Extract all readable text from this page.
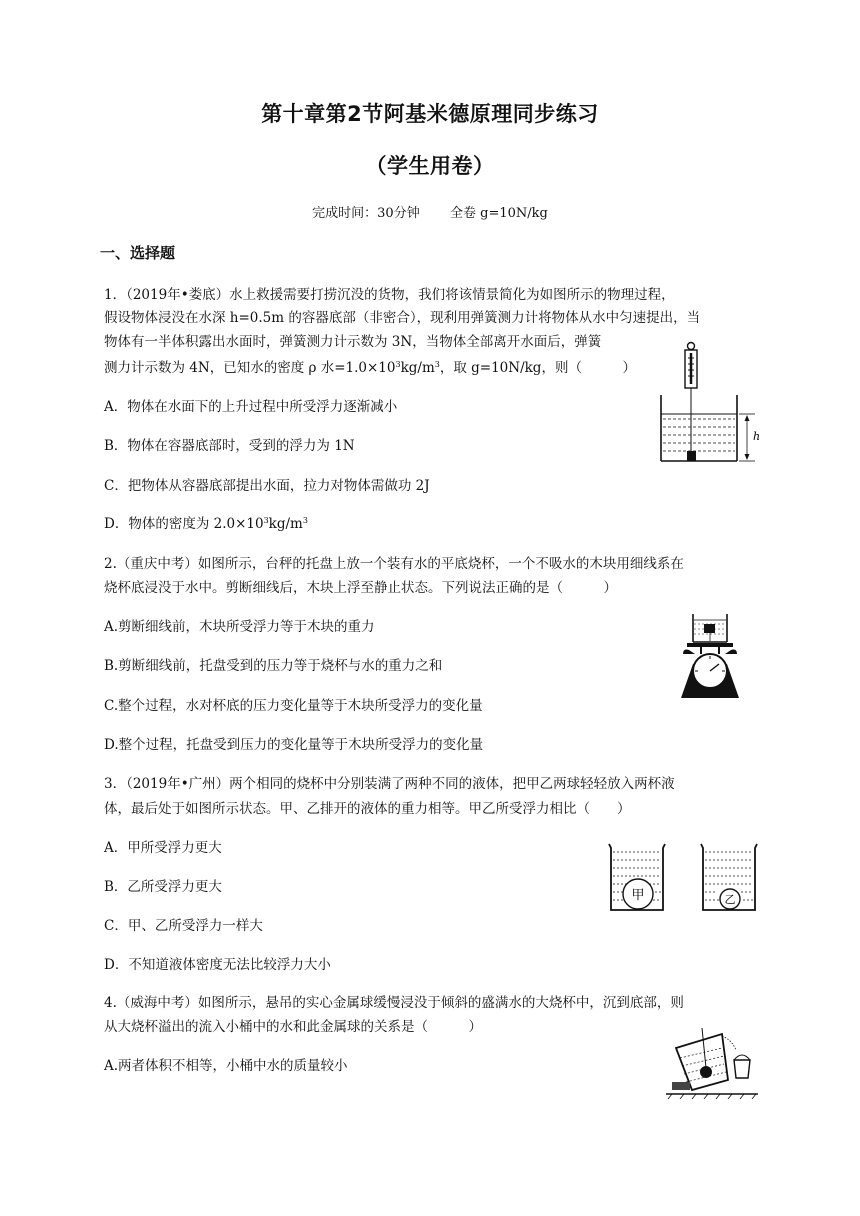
第十章第2节阿基米德原理同步练习
（学生用卷）
完成时间：30分钟 全卷 g=10N/kg
一、选择题
1．（2019年•娄底）水上救援需要打捞沉没的货物，我们将该情景简化为如图所示的物理过程，
假设物体浸没在水深 h=0.5m 的容器底部（非密合），现利用弹簧测力计将物体从水中匀速提出，当
物体有一半体积露出水面时，弹簧测力计示数为 3N，当物体全部离开水面后，弹簧
测力计示数为 4N，已知水的密度 ρ 水$=1.0\times 10^3kg/m^3$，取 g=10N/kg，则（　　　）
A．物体在水面下的上升过程中所受浮力逐渐减小
B．物体在容器底部时，受到的浮力为 1N
C．把物体从容器底部提出水面，拉力对物体需做功 2J
D．物体的密度为 $2.0\times 10^3kg/m^3$
h
2.（重庆中考）如图所示，台秤的托盘上放一个装有水的平底烧杯，一个不吸水的木块用细线系在
烧杯底浸没于水中。剪断细线后，木块上浮至静止状态。下列说法正确的是（　　　）
A.剪断细线前，木块所受浮力等于木块的重力
B.剪断细线前，托盘受到的压力等于烧杯与水的重力之和
C.整个过程，水对杯底的压力变化量等于木块所受浮力的变化量
D.整个过程，托盘受到压力的变化量等于木块所受浮力的变化量
3．（2019年•广州）两个相同的烧杯中分别装满了两种不同的液体，把甲乙两球轻轻放入两杯液
体，最后处于如图所示状态。甲、乙排开的液体的重力相等。甲乙所受浮力相比（　　）
A．甲所受浮力更大
B．乙所受浮力更大
C．甲、乙所受浮力一样大
D．不知道液体密度无法比较浮力大小
甲	乙
4.（威海中考）如图所示，悬吊的实心金属球缓慢浸没于倾斜的盛满水的大烧杯中，沉到底部，则
从大烧杯溢出的流入小桶中的水和此金属球的关系是（　　　）
A.两者体积不相等，小桶中水的质量较小
